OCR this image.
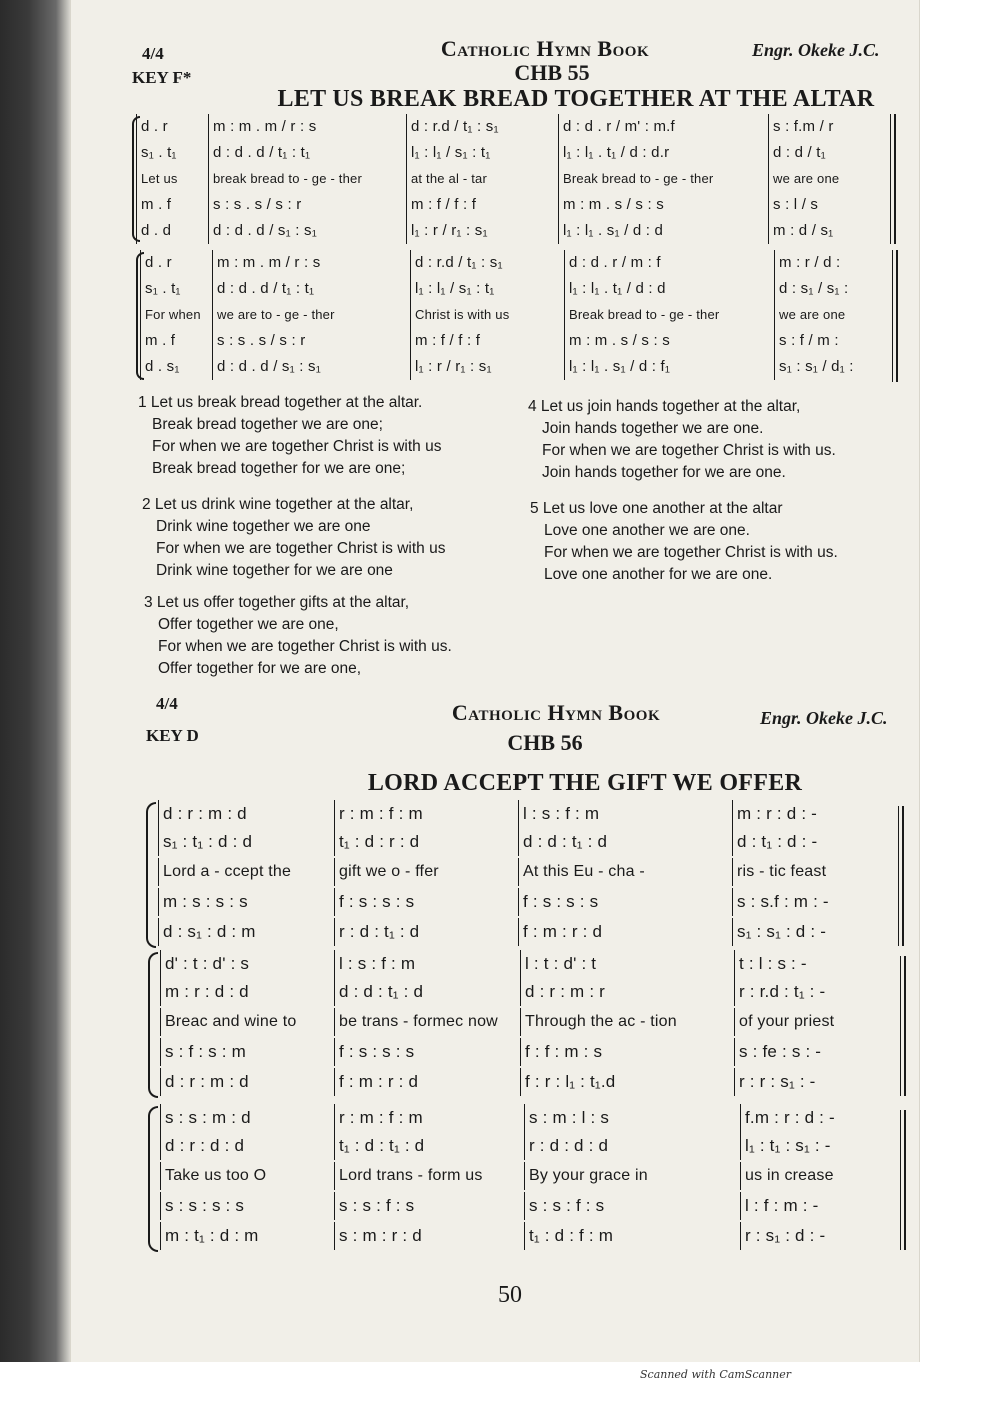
4/4
KEY F*
Catholic Hymn Book	Engr. Okeke J.C.
CHB 55
LET US BREAK BREAD TOGETHER AT THE ALTAR
d . r	m : m . m / r : s	d : r.d / t₁ : s₁	d : d . r / m' : m.f	s : f.m / r
s₁ . t₁	d : d . d / t₁ : t₁	l₁ : l₁ / s₁ : t₁	l₁ : l₁ . t₁ / d : d.r	d : d / t₁
Let us	break bread to - ge - ther	at the al - tar	Break bread to - ge - ther	we are one
m . f	s : s . s / s : r	m : f / f : f	m : m . s / s : s	s : l / s
d . d	d : d . d / s₁ : s₁	l₁ : r / r₁ : s₁	l₁ : l₁ . s₁ / d : d	m : d / s₁
d . r	m : m . m / r : s	d : r.d / t₁ : s₁	d : d . r / m : f	m : r / d :
s₁ . t₁	d : d . d / t₁ : t₁	l₁ : l₁ / s₁ : t₁	l₁ : l₁ . t₁ / d : d	d : s₁ / s₁ :
For when	we are to - ge - ther	Christ is with us	Break bread to - ge - ther	we are one
m . f	s : s . s / s : r	m : f / f : f	m : m . s / s : s	s : f / m :
d . s₁	d : d . d / s₁ : s₁	l₁ : r / r₁ : s₁	l₁ : l₁ . s₁ / d : f₁	s₁ : s₁ / d₁ :
1 Let us break bread together at the altar.
Break bread together we are one;
For when we are together Christ is with us
Break bread together for we are one;
2 Let us drink wine together at the altar,
Drink wine together we are one
For when we are together Christ is with us
Drink wine together for we are one
3 Let us offer together gifts at the altar,
Offer together we are one,
For when we are together Christ is with us.
Offer together for we are one,
4 Let us join hands together at the altar,
Join hands together we are one.
For when we are together Christ is with us.
Join hands together for we are one.
5 Let us love one another at the altar
Love one another we are one.
For when we are together Christ is with us.
Love one another for we are one.
4/4
KEY D
Catholic Hymn Book	Engr. Okeke J.C.
CHB 56
LORD ACCEPT THE GIFT WE OFFER
d : r : m : d	r : m : f : m	l : s : f : m	m : r : d : -
s₁ : t₁ : d : d	t₁ : d : r : d	d : d : t₁ : d	d : t₁ : d : -
Lord a - ccept the	gift we o - ffer	At this Eu - cha -	ris - tic feast
m : s : s : s	f : s : s : s	f : s : s : s	s : s.f : m : -
d : s₁ : d : m	r : d : t₁ : d	f : m : r : d	s₁ : s₁ : d : -
d' : t : d' : s	l : s : f : m	l : t : d' : t	t : l : s : -
m : r : d : d	d : d : t₁ : d	d : r : m : r	r : r.d : t₁ : -
Breac and wine to	be trans - formec now	Through the ac - tion	of your priest
s : f : s : m	f : s : s : s	f : f : m : s	s : fe : s : -
d : r : m : d	f : m : r : d	f : r : l₁ : t₁.d	r : r : s₁ : -
s : s : m : d	r : m : f : m	s : m : l : s	f.m : r : d : -
d : r : d : d	t₁ : d : t₁ : d	r : d : d : d	l₁ : t₁ : s₁ : -
Take us too O	Lord trans - form us	By your grace in	us in crease
s : s : s : s	s : s : f : s	s : s : f : s	l : f : m : -
m : t₁ : d : m	s : m : r : d	t₁ : d : f : m	r : s₁ : d : -
50
Scanned with CamScanner
